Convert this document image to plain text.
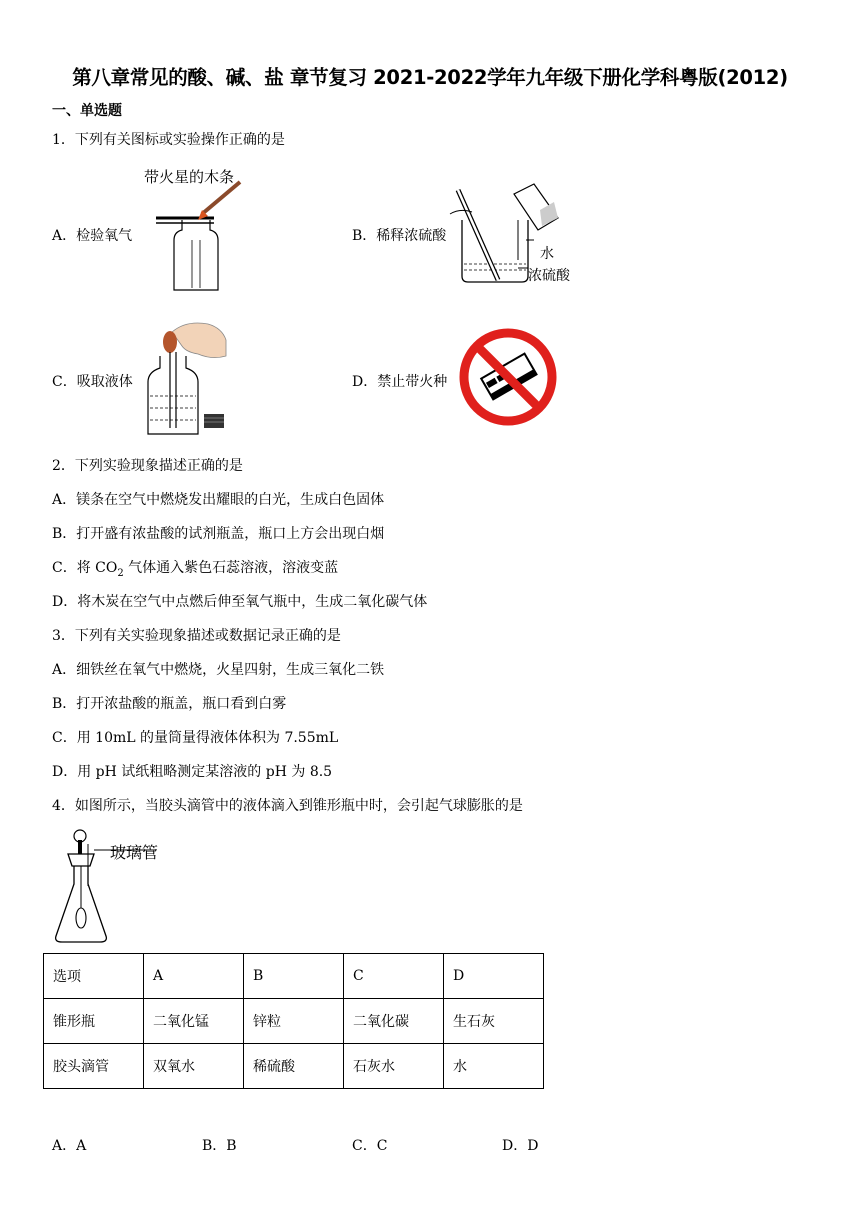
第八章常见的酸、碱、盐 章节复习 2021-2022学年九年级下册化学科粤版(2012)
一、单选题
1．下列有关图标或实验操作正确的是
A．检验氧气
带火星的木条
B．稀释浓硫酸
水
浓硫酸
C．吸取液体	D．禁止带火种
2．下列实验现象描述正确的是
A．镁条在空气中燃烧发出耀眼的白光，生成白色固体
B．打开盛有浓盐酸的试剂瓶盖，瓶口上方会出现白烟
C．将 $CO_2$ 气体通入紫色石蕊溶液，溶液变蓝
D．将木炭在空气中点燃后伸至氧气瓶中，生成二氧化碳气体
3．下列有关实验现象描述或数据记录正确的是
A．细铁丝在氧气中燃烧，火星四射，生成三氧化二铁
B．打开浓盐酸的瓶盖，瓶口看到白雾
C．用 10mL 的量筒量得液体体积为 7.55mL
D．用 pH 试纸粗略测定某溶液的 pH 为 8.5
4．如图所示，当胶头滴管中的液体滴入到锥形瓶中时，会引起气球膨胀的是
玻璃管
选项	A	B	C	D
锥形瓶	二氧化锰	锌粒	二氧化碳	生石灰
胶头滴管	双氧水	稀硫酸	石灰水	水
A．A	B．B	C．C	D．D
